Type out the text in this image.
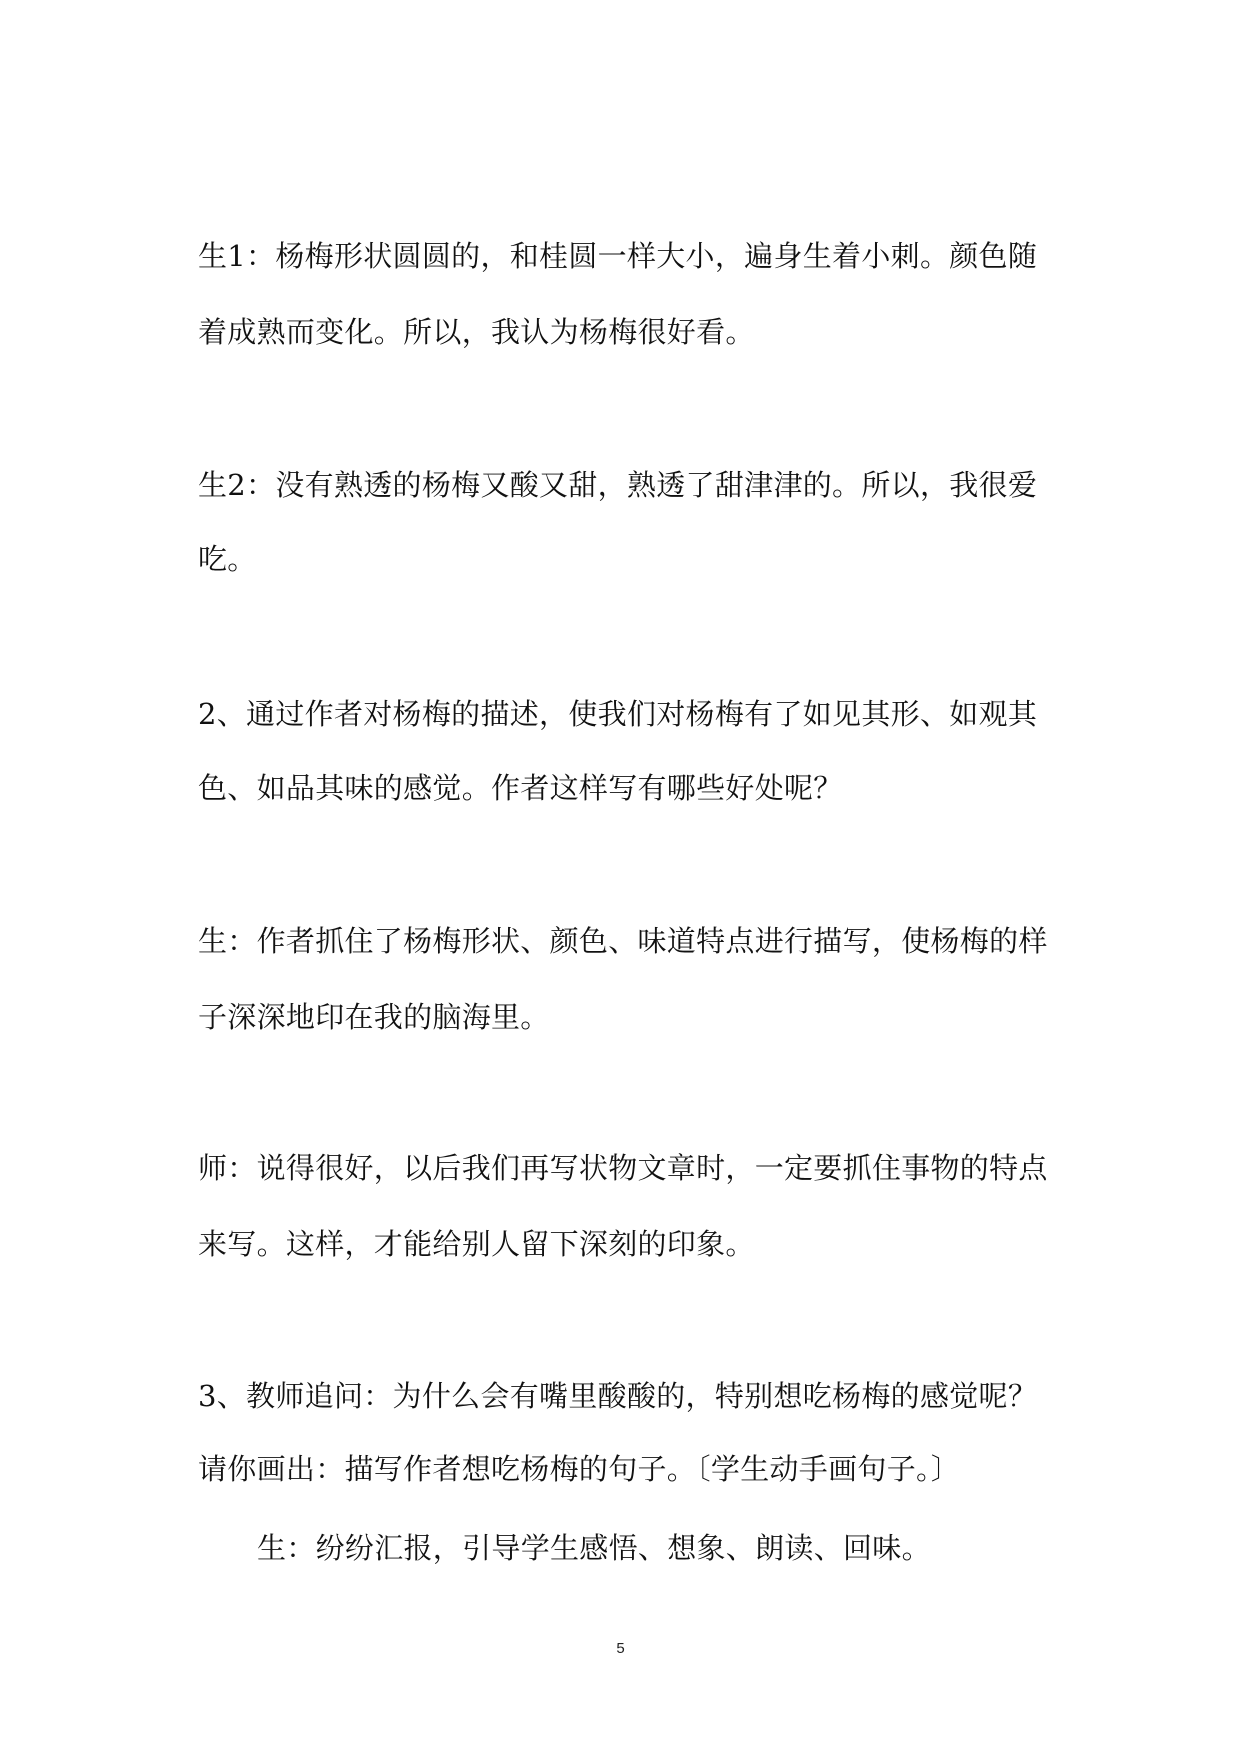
生1：杨梅形状圆圆的，和桂圆一样大小，遍身生着小刺。颜色随
着成熟而变化。所以，我认为杨梅很好看。
生2：没有熟透的杨梅又酸又甜，熟透了甜津津的。所以，我很爱
吃。
2、通过作者对杨梅的描述，使我们对杨梅有了如见其形、如观其
色、如品其味的感觉。作者这样写有哪些好处呢？
生：作者抓住了杨梅形状、颜色、味道特点进行描写，使杨梅的样
子深深地印在我的脑海里。
师：说得很好，以后我们再写状物文章时，一定要抓住事物的特点
来写。这样，才能给别人留下深刻的印象。
3、教师追问：为什么会有嘴里酸酸的，特别想吃杨梅的感觉呢？
请你画出：描写作者想吃杨梅的句子。〔学生动手画句子。〕
生：纷纷汇报，引导学生感悟、想象、朗读、回味。
5
